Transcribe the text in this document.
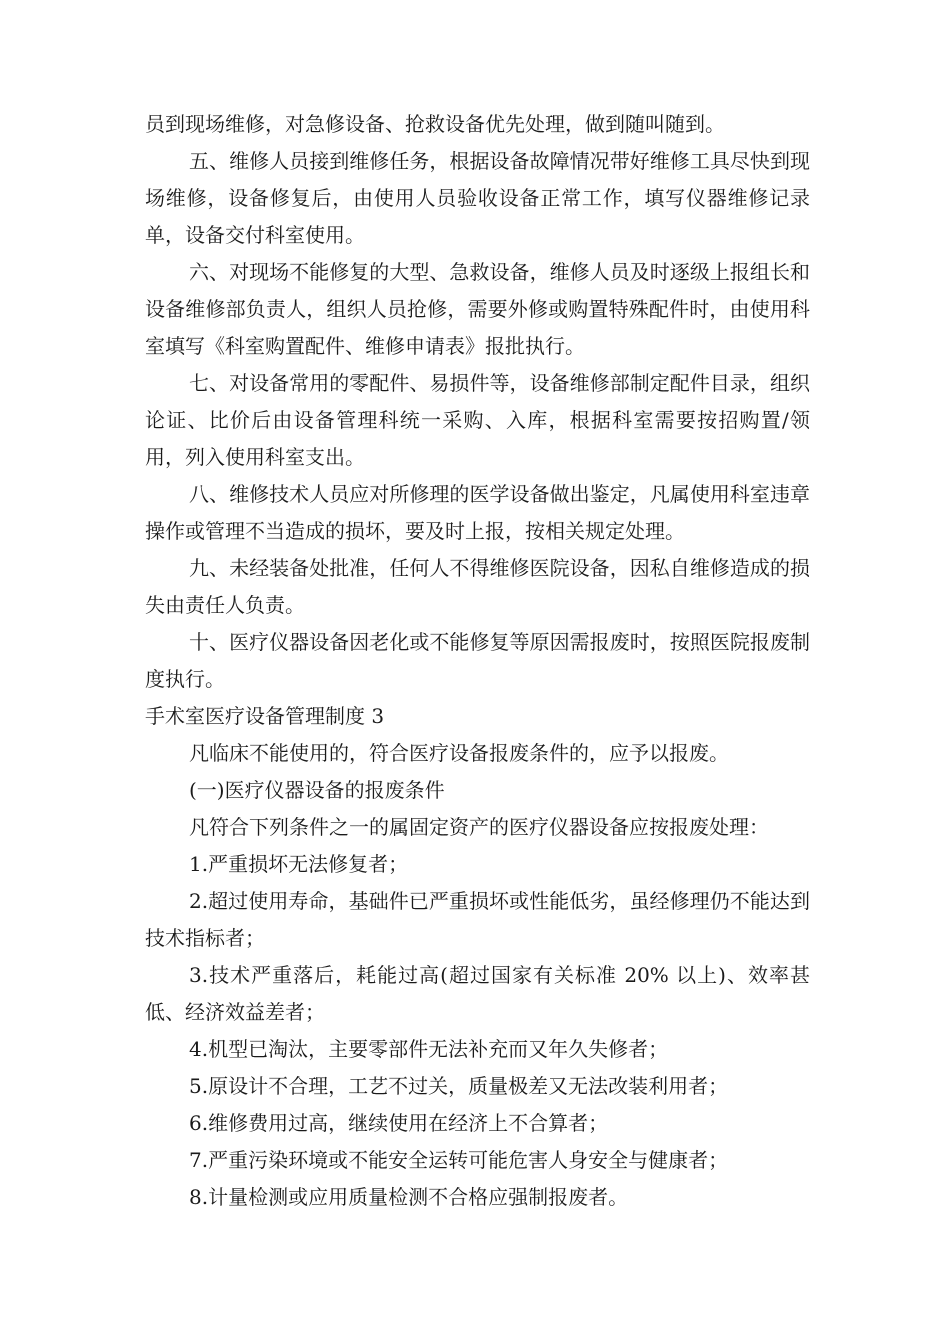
员到现场维修，对急修设备、抢救设备优先处理，做到随叫随到。

五、维修人员接到维修任务，根据设备故障情况带好维修工具尽快到现场维修，设备修复后，由使用人员验收设备正常工作，填写仪器维修记录单，设备交付科室使用。

六、对现场不能修复的大型、急救设备，维修人员及时逐级上报组长和设备维修部负责人，组织人员抢修，需要外修或购置特殊配件时，由使用科室填写《科室购置配件、维修申请表》报批执行。

七、对设备常用的零配件、易损件等，设备维修部制定配件目录，组织论证、比价后由设备管理科统一采购、入库，根据科室需要按招购置/领用，列入使用科室支出。

八、维修技术人员应对所修理的医学设备做出鉴定，凡属使用科室违章操作或管理不当造成的损坏，要及时上报，按相关规定处理。

九、未经装备处批准，任何人不得维修医院设备，因私自维修造成的损失由责任人负责。

十、医疗仪器设备因老化或不能修复等原因需报废时，按照医院报废制度执行。

手术室医疗设备管理制度 3

凡临床不能使用的，符合医疗设备报废条件的，应予以报废。

(一)医疗仪器设备的报废条件

凡符合下列条件之一的属固定资产的医疗仪器设备应按报废处理：

1.严重损坏无法修复者；

2.超过使用寿命，基础件已严重损坏或性能低劣，虽经修理仍不能达到技术指标者；

3.技术严重落后，耗能过高(超过国家有关标准 20% 以上)、效率甚低、经济效益差者；

4.机型已淘汰，主要零部件无法补充而又年久失修者；

5.原设计不合理，工艺不过关，质量极差又无法改装利用者；

6.维修费用过高，继续使用在经济上不合算者；

7.严重污染环境或不能安全运转可能危害人身安全与健康者；

8.计量检测或应用质量检测不合格应强制报废者。
